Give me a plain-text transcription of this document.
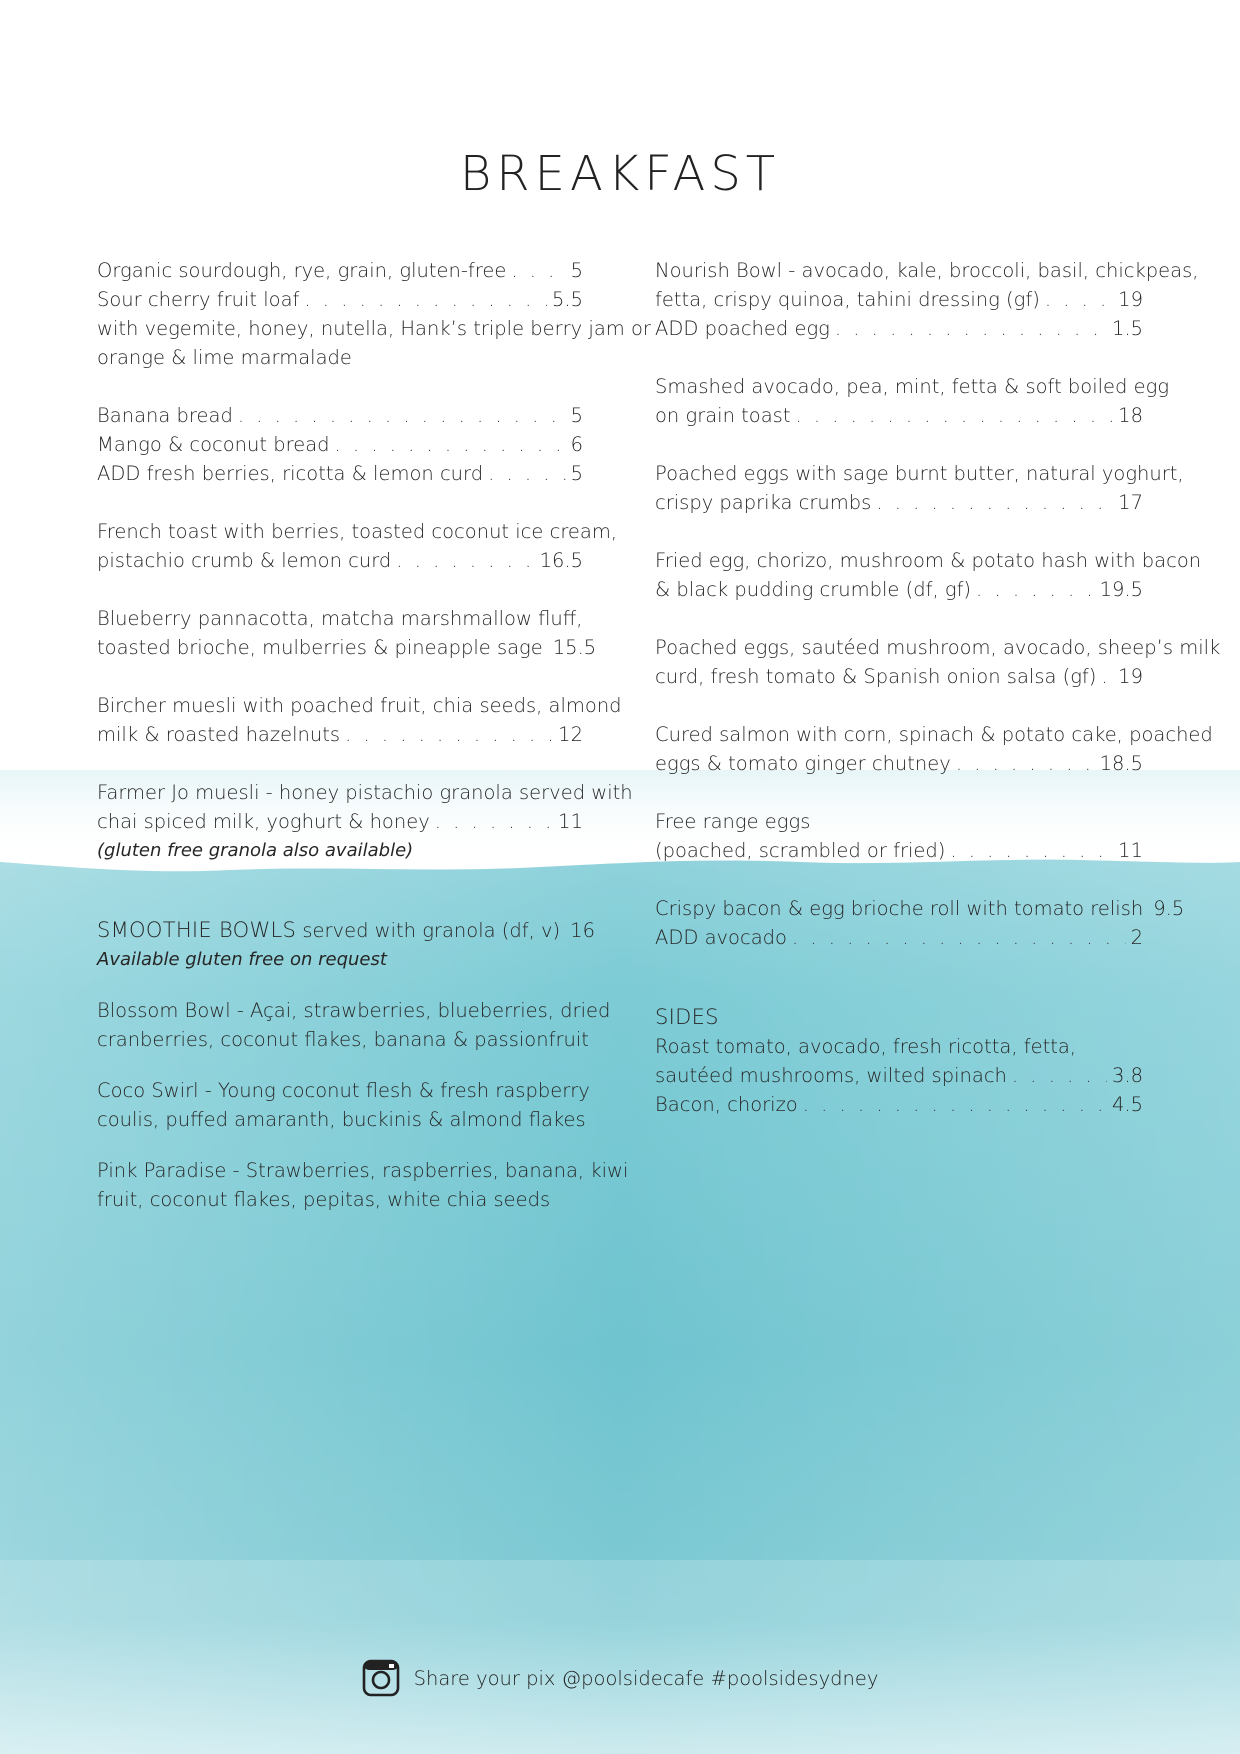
BREAKFAST
Organic sourdough, rye, grain, gluten-free . . .	5
Sour cherry fruit loaf . . .	5.5
with vegemite, honey, nutella, Hank’s triple berry jam or
orange & lime marmalade
Banana bread . . .	5
Mango & coconut bread . . .	6
ADD fresh berries, ricotta & lemon curd . . .	5
French toast with berries, toasted coconut ice cream,
pistachio crumb & lemon curd . . .	16.5
Blueberry pannacotta, matcha marshmallow fluff,
toasted brioche, mulberries & pineapple sage 15.5
Bircher muesli with poached fruit, chia seeds, almond
milk & roasted hazelnuts . . .	12
Farmer Jo muesli - honey pistachio granola served with
chai spiced milk, yoghurt & honey . . .	11
(gluten free granola also available)
SMOOTHIE BOWLS served with granola (df, v) 16
Available gluten free on request
Blossom Bowl - Açai, strawberries, blueberries, dried
cranberries, coconut flakes, banana & passionfruit
Coco Swirl - Young coconut flesh & fresh raspberry
coulis, puffed amaranth, buckinis & almond flakes
Pink Paradise - Strawberries, raspberries, banana, kiwi
fruit, coconut flakes, pepitas, white chia seeds
Nourish Bowl - avocado, kale, broccoli, basil, chickpeas,
fetta, crispy quinoa, tahini dressing (gf) . . .	19
ADD poached egg . . .	1.5
Smashed avocado, pea, mint, fetta & soft boiled egg
on grain toast . . .	18
Poached eggs with sage burnt butter, natural yoghurt,
crispy paprika crumbs . . .	17
Fried egg, chorizo, mushroom & potato hash with bacon
& black pudding crumble (df, gf) . . .	19.5
Poached eggs, sautéed mushroom, avocado, sheep’s milk
curd, fresh tomato & Spanish onion salsa (gf) . . . 19
Cured salmon with corn, spinach & potato cake, poached
eggs & tomato ginger chutney . . .	18.5
Free range eggs
(poached, scrambled or fried) . . .	11
Crispy bacon & egg brioche roll with tomato relish 9.5
ADD avocado . . .	2
SIDES
Roast tomato, avocado, fresh ricotta, fetta,
sautéed mushrooms, wilted spinach . . .	3.8
Bacon, chorizo . . .	4.5
Share your pix @poolsidecafe #poolsidesydney
